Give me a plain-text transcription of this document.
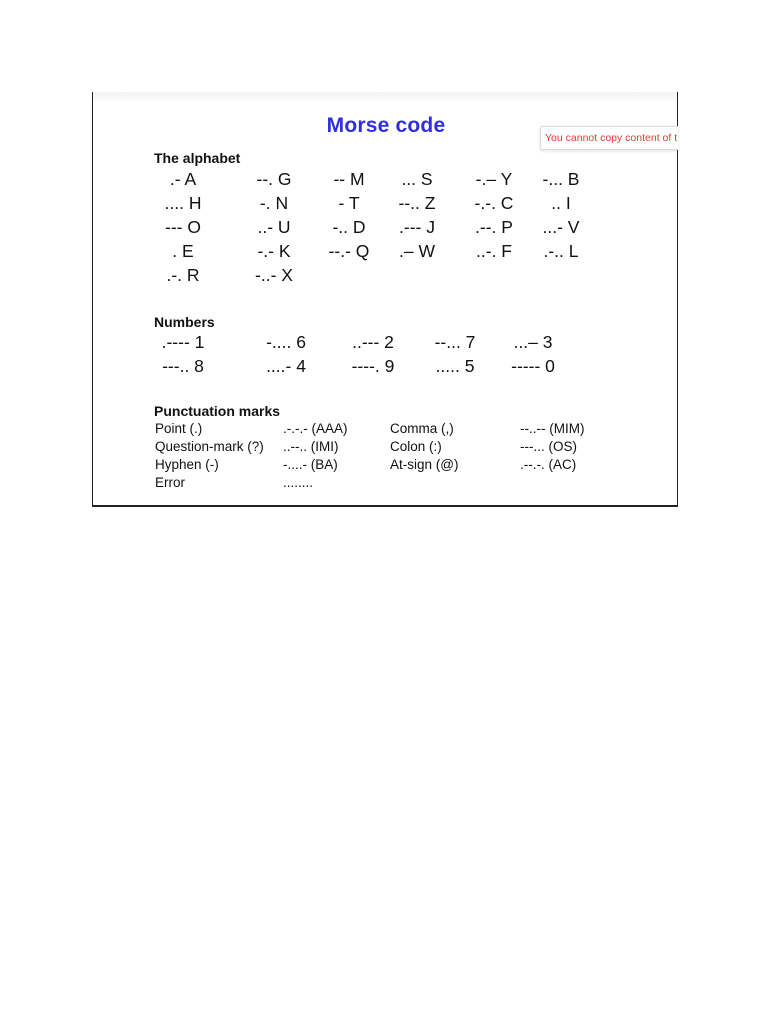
Morse code
The alphabet
Numbers
Punctuation marks
.- A	--. G -- M ... S -.– Y -... B
.... H	-. N	- T --.. Z -.-. C .. I
--- O	..- U -.. D .--- J .--. P ...- V
. E	-.- K --.- Q .– W ..-. F .-.. L
.-. R	-..- X
.---- 1	-.... 6	..--- 2 --... 7 ...– 3
---.. 8	....- 4	----. 9 ..... 5 ----- 0
Point (.)	.-.-.- (AAA)	Comma (,)	--..-- (MIM)
Question-mark (?) ..--.. (IMI)	Colon (:)	---... (OS)
Hyphen (-)	-....- (BA)	At-sign (@)	.--.-. (AC)
Error	........
You cannot copy content of t
